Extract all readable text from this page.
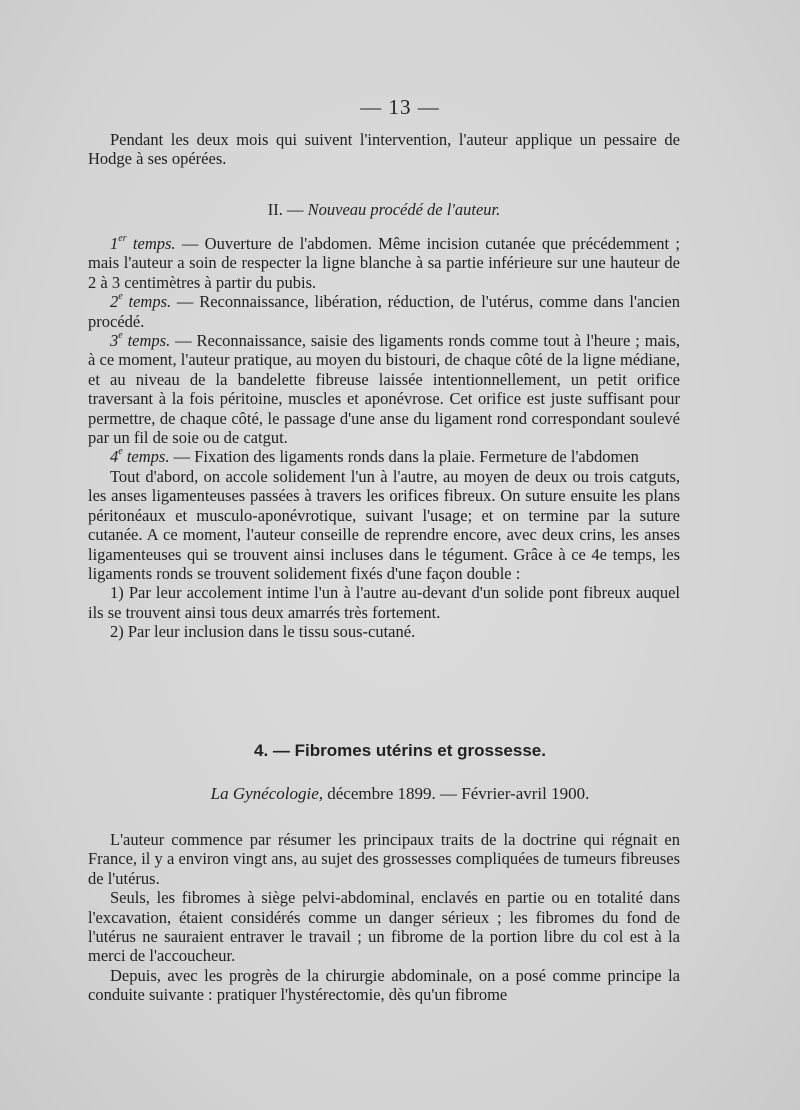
— 13 —

Pendant les deux mois qui suivent l'intervention, l'auteur applique un pessaire de Hodge à ses opérées.

II. — Nouveau procédé de l'auteur.

1er temps. — Ouverture de l'abdomen. Même incision cutanée que précédemment ; mais l'auteur a soin de respecter la ligne blanche à sa partie inférieure sur une hauteur de 2 à 3 centimètres à partir du pubis.

2e temps. — Reconnaissance, libération, réduction, de l'utérus, comme dans l'ancien procédé.

3e temps. — Reconnaissance, saisie des ligaments ronds comme tout à l'heure ; mais, à ce moment, l'auteur pratique, au moyen du bistouri, de chaque côté de la ligne médiane, et au niveau de la bandelette fibreuse laissée intentionnellement, un petit orifice traversant à la fois péritoine, muscles et aponévrose. Cet orifice est juste suffisant pour permettre, de chaque côté, le passage d'une anse du ligament rond correspondant soulevé par un fil de soie ou de catgut.

4e temps. — Fixation des ligaments ronds dans la plaie. Fermeture de l'abdomen

Tout d'abord, on accole solidement l'un à l'autre, au moyen de deux ou trois catguts, les anses ligamenteuses passées à travers les orifices fibreux. On suture ensuite les plans péritonéaux et musculo-aponévrotique, suivant l'usage; et on termine par la suture cutanée. A ce moment, l'auteur conseille de reprendre encore, avec deux crins, les anses ligamenteuses qui se trouvent ainsi incluses dans le tégument. Grâce à ce 4e temps, les ligaments ronds se trouvent solidement fixés d'une façon double :

1) Par leur accolement intime l'un à l'autre au-devant d'un solide pont fibreux auquel ils se trouvent ainsi tous deux amarrés très fortement.

2) Par leur inclusion dans le tissu sous-cutané.

4. — Fibromes utérins et grossesse.
La Gynécologie, décembre 1899. — Février-avril 1900.

L'auteur commence par résumer les principaux traits de la doctrine qui régnait en France, il y a environ vingt ans, au sujet des grossesses compliquées de tumeurs fibreuses de l'utérus.

Seuls, les fibromes à siège pelvi-abdominal, enclavés en partie ou en totalité dans l'excavation, étaient considérés comme un danger sérieux ; les fibromes du fond de l'utérus ne sauraient entraver le travail ; un fibrome de la portion libre du col est à la merci de l'accoucheur.

Depuis, avec les progrès de la chirurgie abdominale, on a posé comme principe la conduite suivante : pratiquer l'hystérectomie, dès qu'un fibrome
